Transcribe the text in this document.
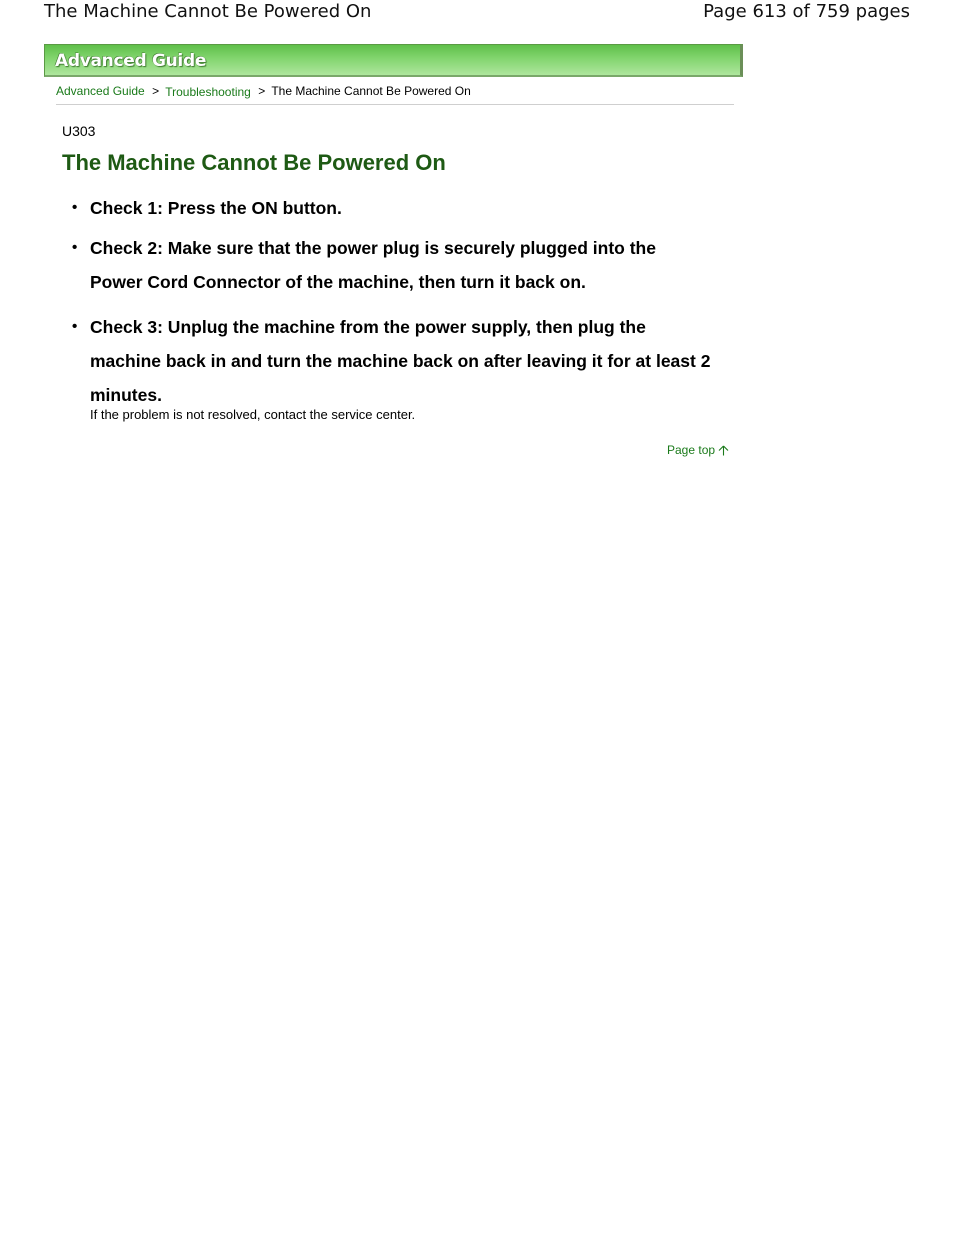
The Machine Cannot Be Powered On	Page 613 of 759 pages
Advanced Guide
Advanced Guide > Troubleshooting > The Machine Cannot Be Powered On
U303
The Machine Cannot Be Powered On
• Check 1: Press the ON button.
• Check 2: Make sure that the power plug is securely plugged into the Power Cord Connector of the machine, then turn it back on.
• Check 3: Unplug the machine from the power supply, then plug the machine back in and turn the machine back on after leaving it for at least 2 minutes.
If the problem is not resolved, contact the service center.
Page top
